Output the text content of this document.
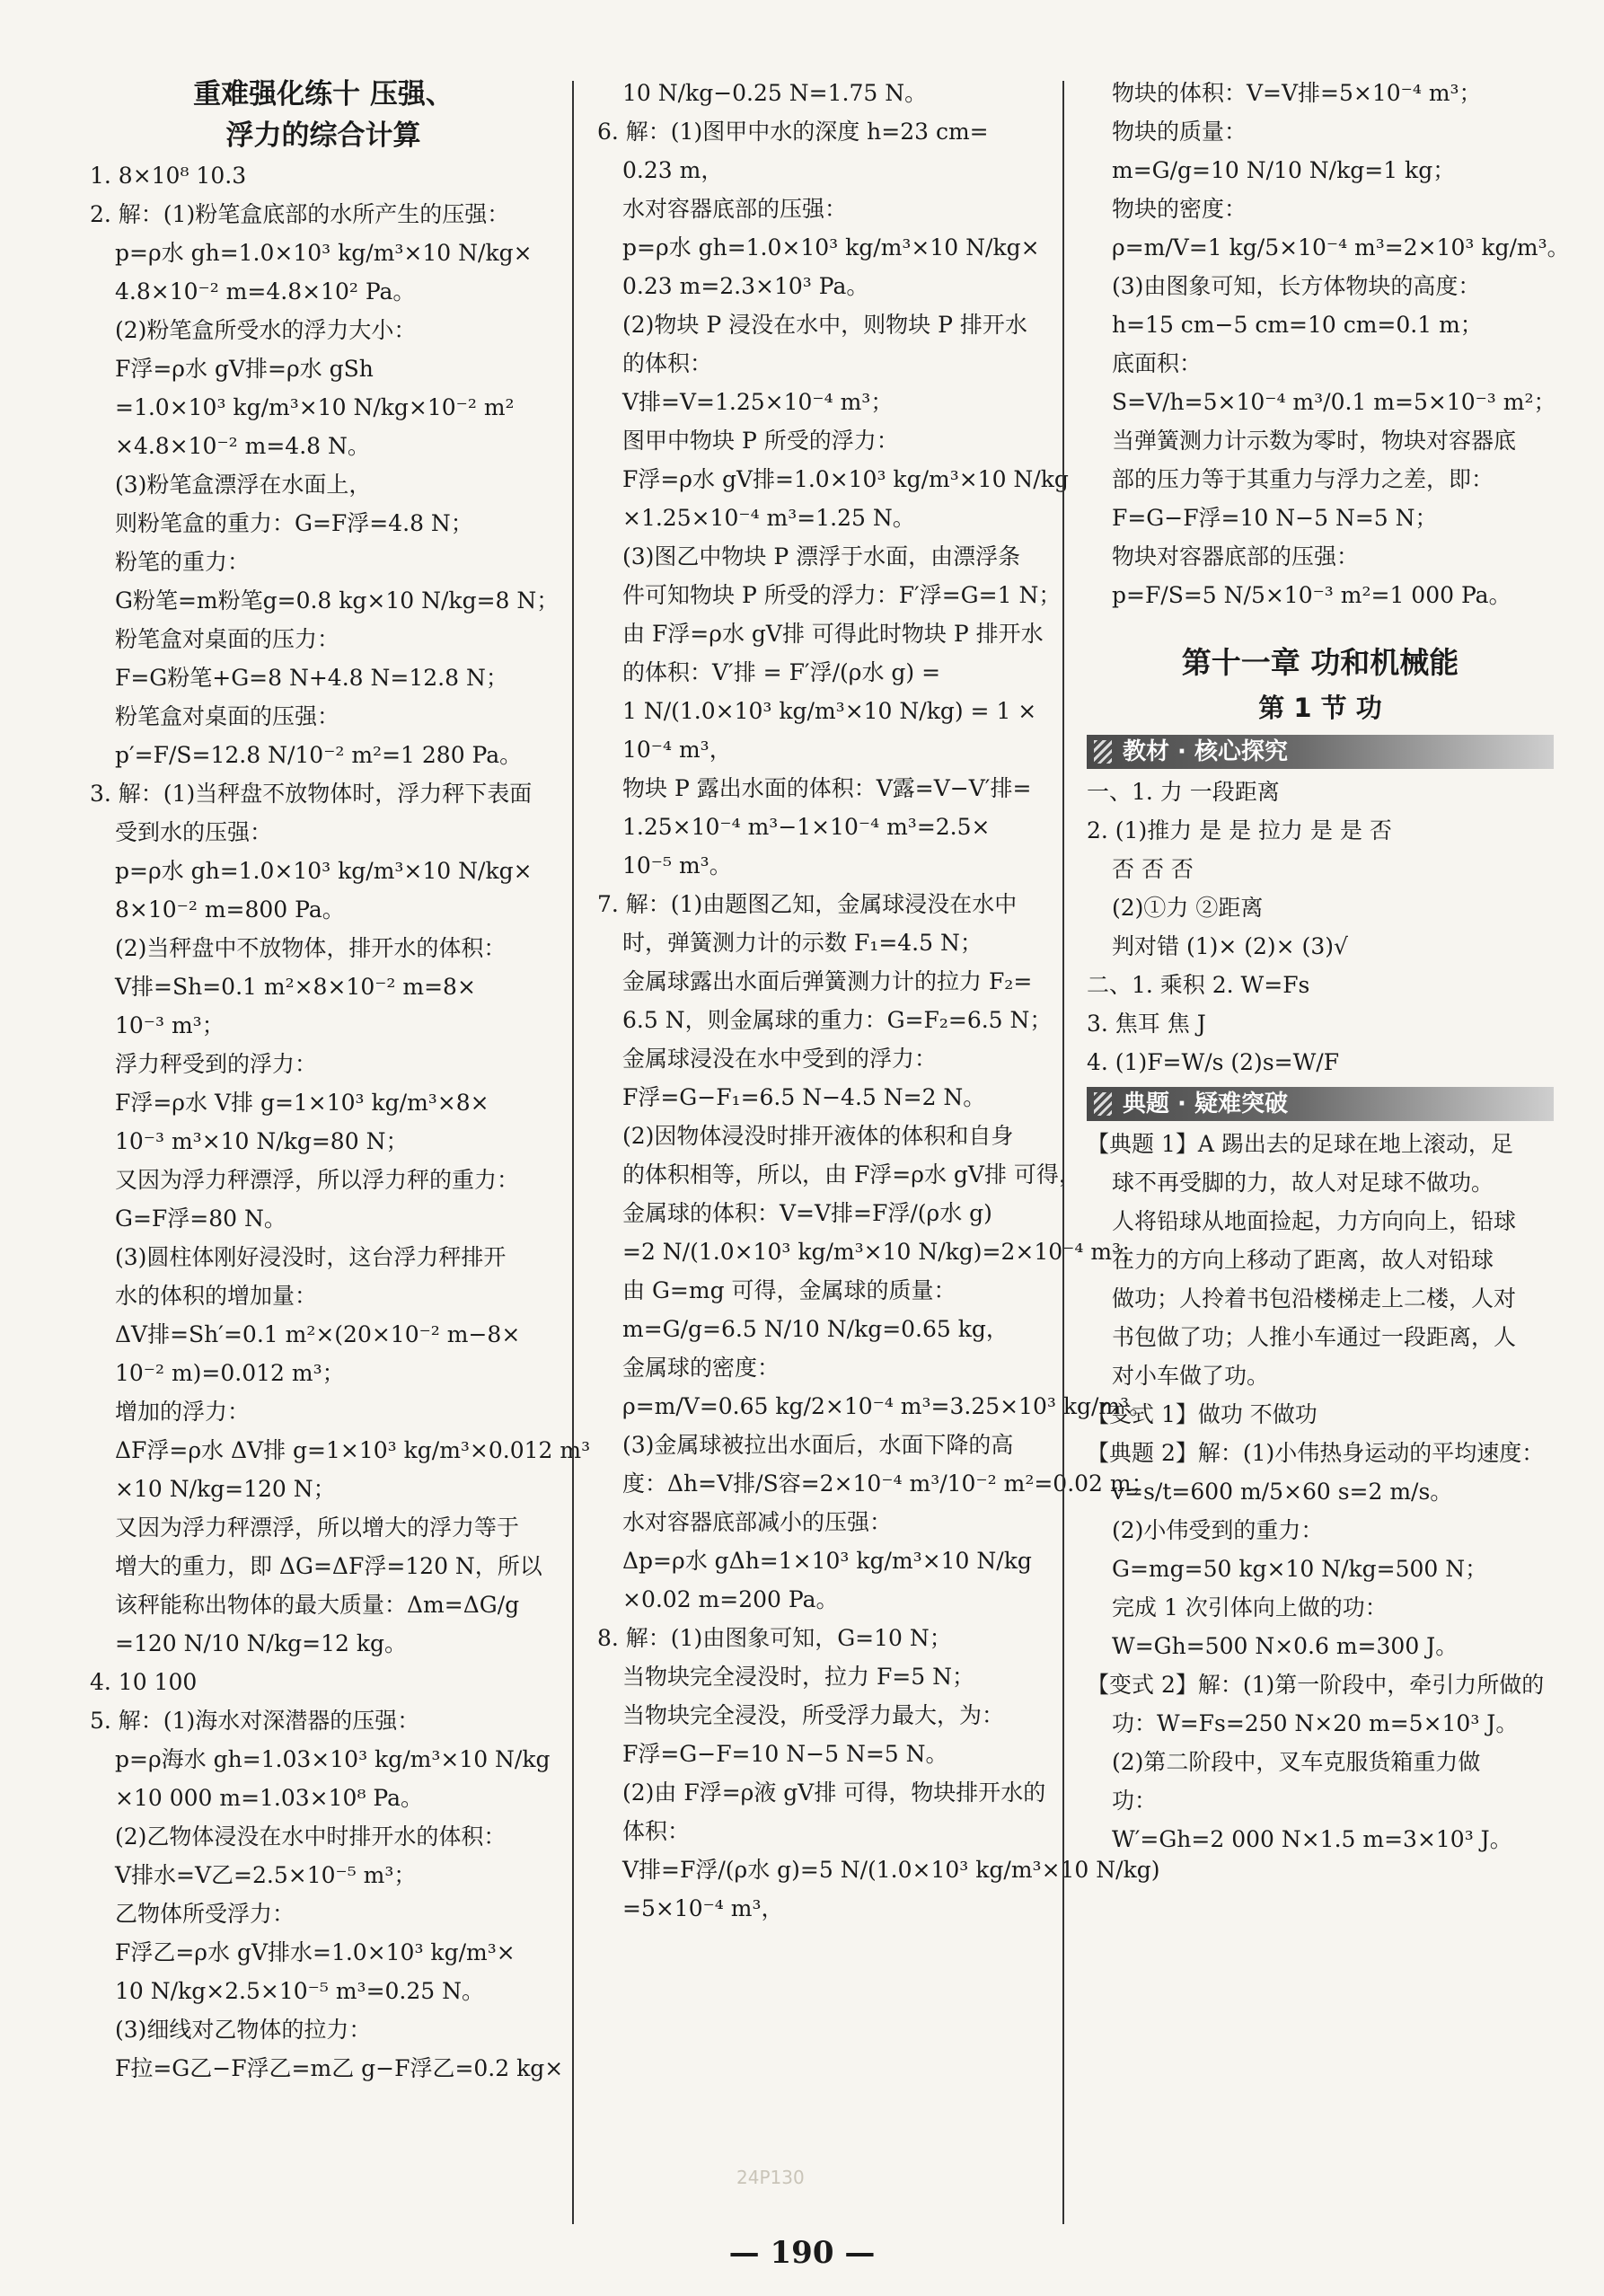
重难强化练十 压强、
浮力的综合计算
1. 8×10⁸ 10.3
2. 解：(1)粉笔盒底部的水所产生的压强：
p=ρ水 gh=1.0×10³ kg/m³×10 N/kg×
4.8×10⁻² m=4.8×10² Pa。
(2)粉笔盒所受水的浮力大小：
F浮=ρ水 gV排=ρ水 gSh
=1.0×10³ kg/m³×10 N/kg×10⁻² m²
×4.8×10⁻² m=4.8 N。
(3)粉笔盒漂浮在水面上，
则粉笔盒的重力：G=F浮=4.8 N；
粉笔的重力：
G粉笔=m粉笔g=0.8 kg×10 N/kg=8 N；
粉笔盒对桌面的压力：
F=G粉笔+G=8 N+4.8 N=12.8 N；
粉笔盒对桌面的压强：
p′=F/S=12.8 N/10⁻² m²=1 280 Pa。
3. 解：(1)当秤盘不放物体时，浮力秤下表面
受到水的压强：
p=ρ水 gh=1.0×10³ kg/m³×10 N/kg×
8×10⁻² m=800 Pa。
(2)当秤盘中不放物体，排开水的体积：
V排=Sh=0.1 m²×8×10⁻² m=8×
10⁻³ m³；
浮力秤受到的浮力：
F浮=ρ水 V排 g=1×10³ kg/m³×8×
10⁻³ m³×10 N/kg=80 N；
又因为浮力秤漂浮，所以浮力秤的重力：
G=F浮=80 N。
(3)圆柱体刚好浸没时，这台浮力秤排开
水的体积的增加量：
ΔV排=Sh′=0.1 m²×(20×10⁻² m−8×
10⁻² m)=0.012 m³；
增加的浮力：
ΔF浮=ρ水 ΔV排 g=1×10³ kg/m³×0.012 m³
×10 N/kg=120 N；
又因为浮力秤漂浮，所以增大的浮力等于
增大的重力，即 ΔG=ΔF浮=120 N，所以
该秤能称出物体的最大质量：Δm=ΔG/g
=120 N/10 N/kg=12 kg。
4. 10 100
5. 解：(1)海水对深潜器的压强：
p=ρ海水 gh=1.03×10³ kg/m³×10 N/kg
×10 000 m=1.03×10⁸ Pa。
(2)乙物体浸没在水中时排开水的体积：
V排水=V乙=2.5×10⁻⁵ m³；
乙物体所受浮力：
F浮乙=ρ水 gV排水=1.0×10³ kg/m³×
10 N/kg×2.5×10⁻⁵ m³=0.25 N。
(3)细线对乙物体的拉力：
F拉=G乙−F浮乙=m乙 g−F浮乙=0.2 kg×
10 N/kg−0.25 N=1.75 N。
6. 解：(1)图甲中水的深度 h=23 cm=
0.23 m，
水对容器底部的压强：
p=ρ水 gh=1.0×10³ kg/m³×10 N/kg×
0.23 m=2.3×10³ Pa。
(2)物块 P 浸没在水中，则物块 P 排开水
的体积：
V排=V=1.25×10⁻⁴ m³；
图甲中物块 P 所受的浮力：
F浮=ρ水 gV排=1.0×10³ kg/m³×10 N/kg
×1.25×10⁻⁴ m³=1.25 N。
(3)图乙中物块 P 漂浮于水面，由漂浮条
件可知物块 P 所受的浮力：F′浮=G=1 N；
由 F浮=ρ水 gV排 可得此时物块 P 排开水
的体积：V′排 = F′浮/(ρ水 g) =
1 N/(1.0×10³ kg/m³×10 N/kg) = 1 ×
10⁻⁴ m³，
物块 P 露出水面的体积：V露=V−V′排=
1.25×10⁻⁴ m³−1×10⁻⁴ m³=2.5×
10⁻⁵ m³。
7. 解：(1)由题图乙知，金属球浸没在水中
时，弹簧测力计的示数 F₁=4.5 N；
金属球露出水面后弹簧测力计的拉力 F₂=
6.5 N，则金属球的重力：G=F₂=6.5 N；
金属球浸没在水中受到的浮力：
F浮=G−F₁=6.5 N−4.5 N=2 N。
(2)因物体浸没时排开液体的体积和自身
的体积相等，所以，由 F浮=ρ水 gV排 可得，
金属球的体积：V=V排=F浮/(ρ水 g)
=2 N/(1.0×10³ kg/m³×10 N/kg)=2×10⁻⁴ m³；
由 G=mg 可得，金属球的质量：
m=G/g=6.5 N/10 N/kg=0.65 kg，
金属球的密度：
ρ=m/V=0.65 kg/2×10⁻⁴ m³=3.25×10³ kg/m³。
(3)金属球被拉出水面后，水面下降的高
度：Δh=V排/S容=2×10⁻⁴ m³/10⁻² m²=0.02 m；
水对容器底部减小的压强：
Δp=ρ水 gΔh=1×10³ kg/m³×10 N/kg
×0.02 m=200 Pa。
8. 解：(1)由图象可知，G=10 N；
当物块完全浸没时，拉力 F=5 N；
当物块完全浸没，所受浮力最大，为：
F浮=G−F=10 N−5 N=5 N。
(2)由 F浮=ρ液 gV排 可得，物块排开水的
体积：
V排=F浮/(ρ水 g)=5 N/(1.0×10³ kg/m³×10 N/kg)
=5×10⁻⁴ m³，
物块的体积：V=V排=5×10⁻⁴ m³；
物块的质量：
m=G/g=10 N/10 N/kg=1 kg；
物块的密度：
ρ=m/V=1 kg/5×10⁻⁴ m³=2×10³ kg/m³。
(3)由图象可知，长方体物块的高度：
h=15 cm−5 cm=10 cm=0.1 m；
底面积：
S=V/h=5×10⁻⁴ m³/0.1 m=5×10⁻³ m²；
当弹簧测力计示数为零时，物块对容器底
部的压力等于其重力与浮力之差，即：
F=G−F浮=10 N−5 N=5 N；
物块对容器底部的压强：
p=F/S=5 N/5×10⁻³ m²=1 000 Pa。
第十一章 功和机械能
第 1 节 功
教材 · 核心探究
一、1. 力 一段距离
2. (1)推力 是 是 拉力 是 是 否
否 否 否
(2)①力 ②距离
判对错 (1)× (2)× (3)√
二、1. 乘积 2. W=Fs
3. 焦耳 焦 J
4. (1)F=W/s (2)s=W/F
典题 · 疑难突破
【典题 1】A 踢出去的足球在地上滚动，足
球不再受脚的力，故人对足球不做功。
人将铅球从地面捡起，力方向向上，铅球
在力的方向上移动了距离，故人对铅球
做功；人拎着书包沿楼梯走上二楼，人对
书包做了功；人推小车通过一段距离，人
对小车做了功。
【变式 1】做功 不做功
【典题 2】解：(1)小伟热身运动的平均速度：
v=s/t=600 m/5×60 s=2 m/s。
(2)小伟受到的重力：
G=mg=50 kg×10 N/kg=500 N；
完成 1 次引体向上做的功：
W=Gh=500 N×0.6 m=300 J。
【变式 2】解：(1)第一阶段中，牵引力所做的
功：W=Fs=250 N×20 m=5×10³ J。
(2)第二阶段中，叉车克服货箱重力做
功：
W′=Gh=2 000 N×1.5 m=3×10³ J。
24P130
— 190 —
